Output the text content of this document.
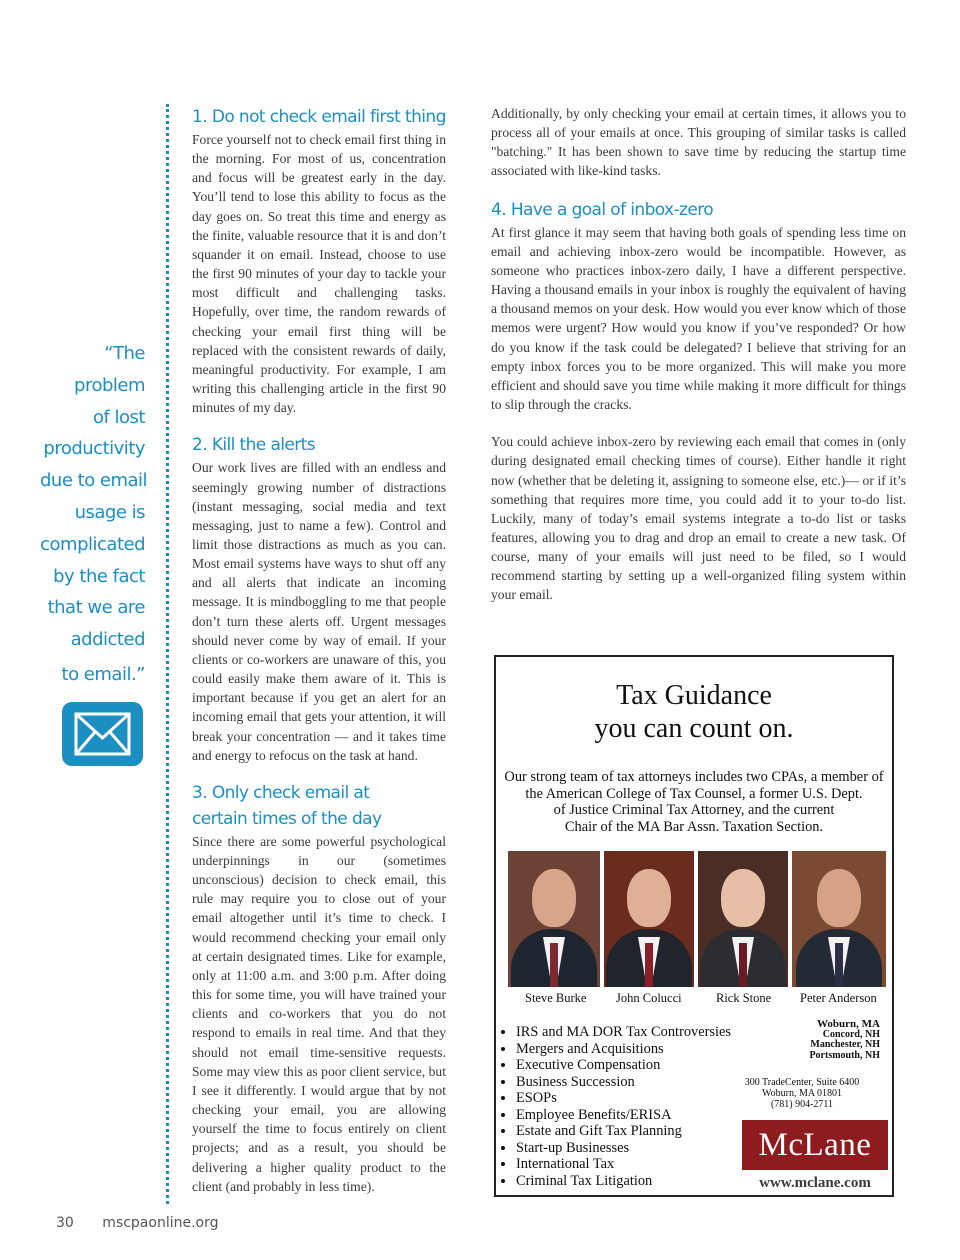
“The
problem
of lost
productivity
due to email
usage is
complicated
by the fact
that we are
addicted
to email.”
1. Do not check email first thing

Force yourself not to check email first thing in the morning. For most of us, concentration and focus will be greatest early in the day. You’ll tend to lose this ability to focus as the day goes on. So treat this time and energy as the finite, valuable resource that it is and don’t squander it on email. Instead, choose to use the first 90 minutes of your day to tackle your most difficult and challenging tasks. Hopefully, over time, the random rewards of checking your email first thing will be replaced with the consistent rewards of daily, meaningful productivity. For example, I am writing this challenging article in the first 90 minutes of my day.

2. Kill the alerts

Our work lives are filled with an endless and seemingly growing number of distractions (instant messaging, social media and text messaging, just to name a few). Control and limit those distractions as much as you can. Most email systems have ways to shut off any and all alerts that indicate an incoming message. It is mindboggling to me that people don’t turn these alerts off. Urgent messages should never come by way of email. If your clients or co-workers are unaware of this, you could easily make them aware of it. This is important because if you get an alert for an incoming email that gets your attention, it will break your concentration — and it takes time and energy to refocus on the task at hand.

3. Only check email at
certain times of the day

Since there are some powerful psychological underpinnings in our (sometimes unconscious) decision to check email, this rule may require you to close out of your email altogether until it’s time to check. I would recommend checking your email only at certain designated times. Like for example, only at 11:00 a.m. and 3:00 p.m. After doing this for some time, you will have trained your clients and co-workers that you do not respond to emails in real time. And that they should not email time-sensitive requests. Some may view this as poor client service, but I see it differently. I would argue that by not checking your email, you are allowing yourself the time to focus entirely on client projects; and as a result, you should be delivering a higher quality product to the client (and probably in less time).

Additionally, by only checking your email at certain times, it allows you to process all of your emails at once. This grouping of similar tasks is called "batching." It has been shown to save time by reducing the startup time associated with like-kind tasks.

4. Have a goal of inbox-zero

At first glance it may seem that having both goals of spending less time on email and achieving inbox-zero would be incompatible. However, as someone who practices inbox-zero daily, I have a different perspective. Having a thousand emails in your inbox is roughly the equivalent of having a thousand memos on your desk. How would you ever know which of those memos were urgent? How would you know if you’ve responded? Or how do you know if the task could be delegated? I believe that striving for an empty inbox forces you to be more organized. This will make you more efficient and should save you time while making it more difficult for things to slip through the cracks.

You could achieve inbox-zero by reviewing each email that comes in (only during designated email checking times of course). Either handle it right now (whether that be deleting it, assigning to someone else, etc.)— or if it’s something that requires more time, you could add it to your to-do list. Luckily, many of today’s email systems integrate a to-do list or tasks features, allowing you to drag and drop an email to create a new task. Of course, many of your emails will just need to be filed, so I would recommend starting by setting up a well-organized filing system within your email.

Tax Guidance
you can count on.
Our strong team of tax attorneys includes two CPAs, a member of
the American College of Tax Counsel, a former U.S. Dept.
of Justice Criminal Tax Attorney, and the current
Chair of the MA Bar Assn. Taxation Section.
Steve Burke John Colucci	Rick Stone Peter Anderson
• IRS and MA DOR Tax Controversies
• Mergers and Acquisitions
• Executive Compensation
• Business Succession
• ESOPs
• Employee Benefits/ERISA
• Estate and Gift Tax Planning
• Start-up Businesses
• International Tax
• Criminal Tax Litigation
Woburn, MA
Concord, NH
Manchester, NH
Portsmouth, NH
300 TradeCenter, Suite 6400
Woburn, MA 01801
(781) 904-2711
McLane
www.mclane.com
30 mscpaonline.org
